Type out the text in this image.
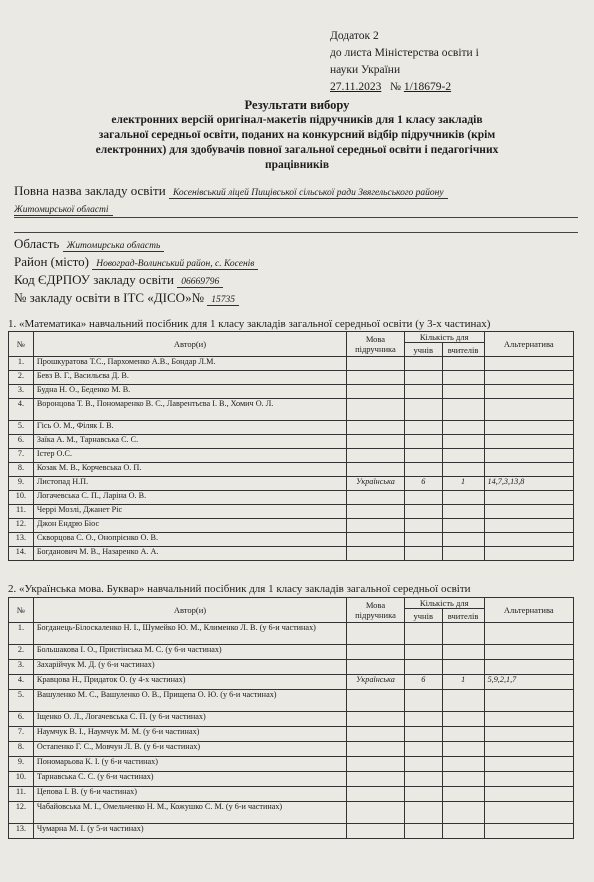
Додаток 2
до листа Міністерства освіти і
науки України
27.11.2023 № 1/18679-2
Результати вибору
електронних версій оригінал-макетів підручників для 1 класу закладів
загальної середньої освіти, поданих на конкурсний відбір підручників (крім
електронних) для здобувачів повної загальної середньої освіти і педагогічних
працівників
Повна назва закладу освіти Косенівський ліцей Пищівської сільської ради Звягельського району
Житомирської області
Область Житомирська область
Район (місто) Новоград-Волинський район, с. Косенів
Код ЄДРПОУ закладу освіти 06669796
№ закладу освіти в ІТС «ДІСО»№ 15735
1. «Математика» навчальний посібник для 1 класу закладів загальної середньої освіти (у 3-х частинах)
№	Автор(и)	Мова підручника	Кількість для		Альтернатива
			учнів	вчителів	
1.	Прошкуратова Т.С., Пархоменко А.В., Бондар Л.М.				
2.	Бевз В. Г., Васильєва Д. В.				
3.	Будна Н. О., Беденко М. В.				
4.	Воронцова Т. В., Пономаренко В. С., Лаврентьєва І. В., Хомич О. Л.				
5.	Гісь О. М., Філяк І. В.				
6.	Заїка А. М., Тарнавська С. С.				
7.	Істер О.С.				
8.	Козак М. В., Корчевська О. П.				
9.	Листопад Н.П.	Українська	6	1	14,7,3,13,8
10.	Логачевська С. П., Ларіна О. В.				
11.	Черрі Мозлі, Джанет Ріс				
12.	Джон Ендрю Біос				
13.	Скворцова С. О., Онопрієнко О. В.				
14.	Богданович М. В., Назаренко А. А.				
2. «Українська мова. Буквар» навчальний посібник для 1 класу закладів загальної середньої освіти
№	Автор(и)	Мова підручника	Кількість для		Альтернатива
			учнів	вчителів	
1.	Богданець-Білоскаленко Н. І., Шумейко Ю. М., Клименко Л. В. (у 6-и частинах)				
2.	Большакова І. О., Пристінська М. С. (у 6-и частинах)				
3.	Захарійчук М. Д. (у 6-и частинах)				
4.	Кравцова Н., Придаток О. (у 4-х частинах)	Українська	6	1	5,9,2,1,7
5.	Вашуленко М. С., Вашуленко О. В., Прищепа О. Ю. (у 6-и частинах)				
6.	Іщенко О. Л., Логачевська С. П. (у 6-и частинах)				
7.	Наумчук В. І., Наумчук М. М. (у 6-и частинах)				
8.	Остапенко Г. С., Мовчун Л. В. (у 6-и частинах)				
9.	Пономарьова К. І. (у 6-и частинах)				
10.	Тарнавська С. С. (у 6-и частинах)				
11.	Цепова І. В. (у 6-и частинах)				
12.	Чабайовська М. І., Омельченко Н. М., Кожушко С. М. (у 6-и частинах)				
13.	Чумарна М. І. (у 5-и частинах)				
